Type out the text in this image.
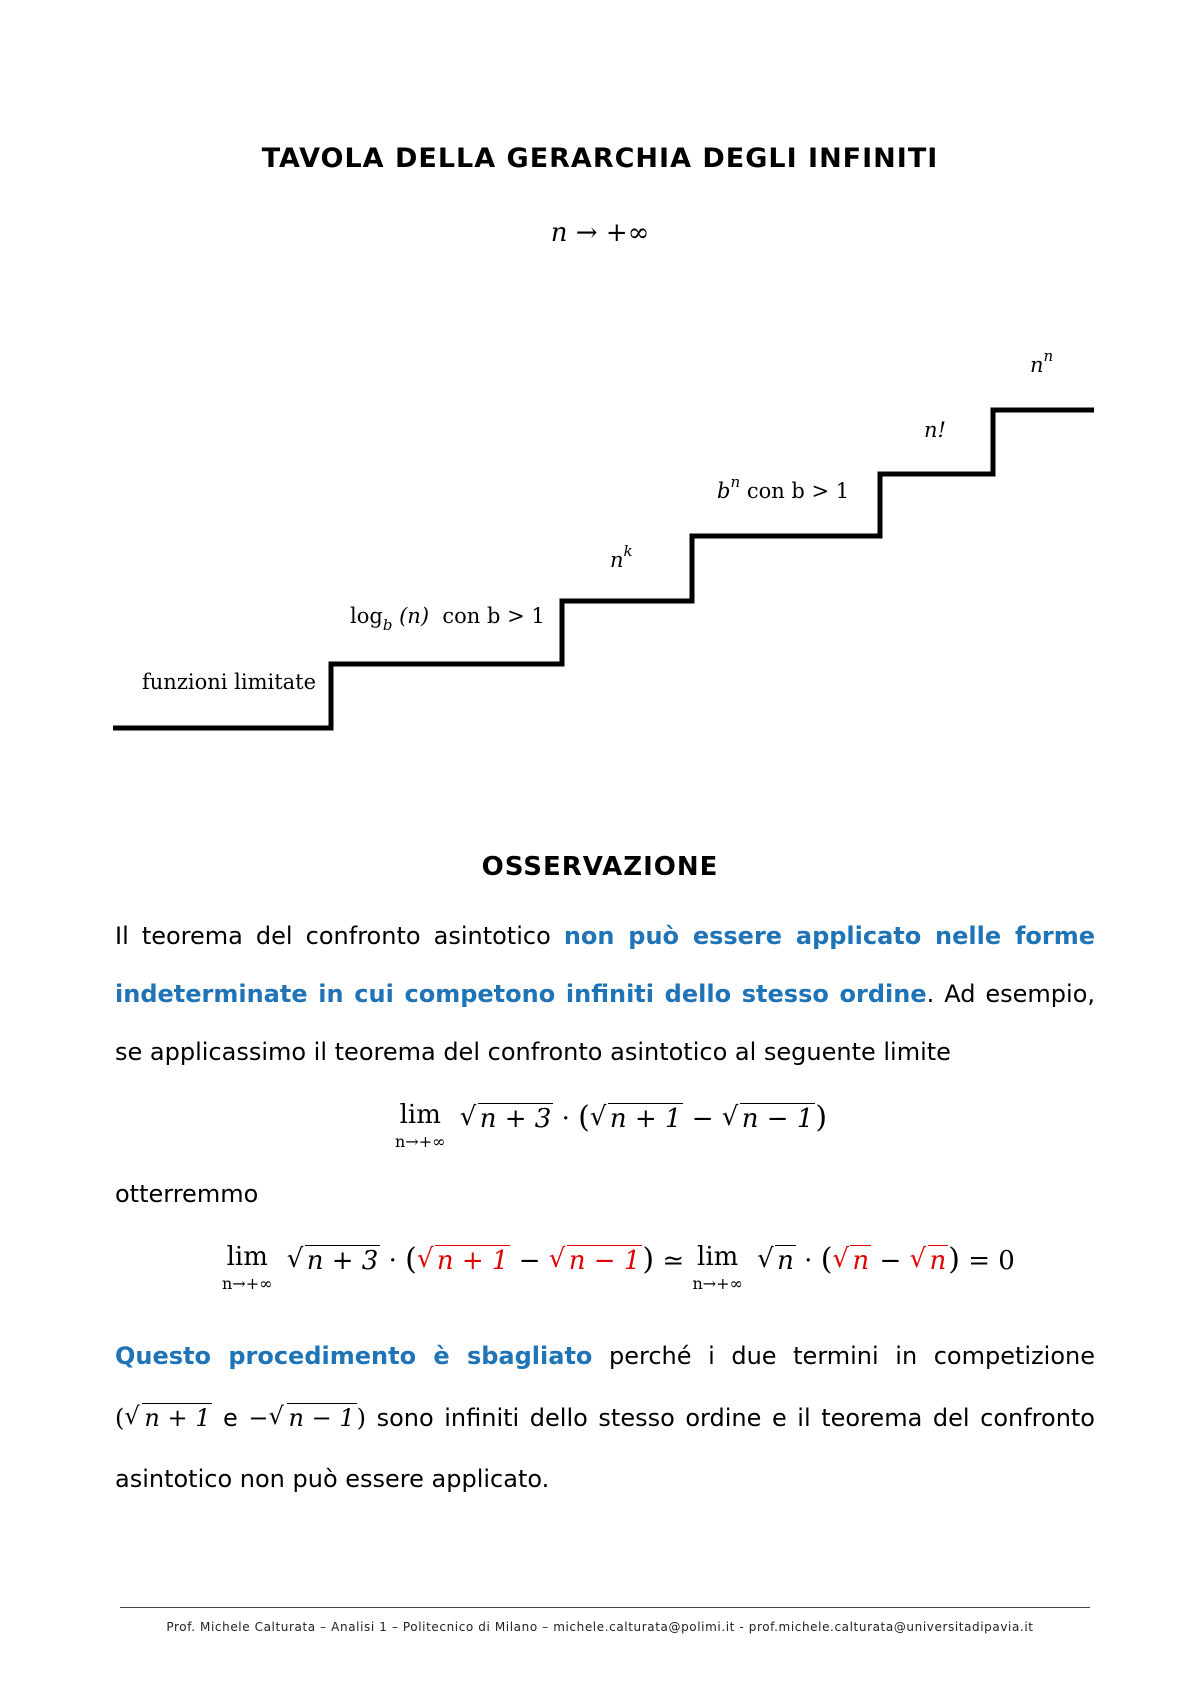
TAVOLA DELLA GERARCHIA DEGLI INFINITI
n → +∞
funzioni limitate
$\log_b (n)$ con b > 1
$n^k$
$b^n$ con b > 1
n!
$n^n$
OSSERVAZIONE
Il teorema del confronto asintotico non può essere applicato nelle forme
indeterminate in cui competono infiniti dello stesso ordine. Ad esempio,
se applicassimo il teorema del confronto asintotico al seguente limite
lim
n→+∞
√ n + 3 · ( √ n + 1 − √ n − 1)
otterremmo
lim
n→+∞
√ n + 3 · ( √ n + 1 − √ n − 1) ≃ lim
n→+∞
√ n · ( √ n − √ n) = 0
Questo procedimento è sbagliato perché i due termini in competizione
( √ n + 1 e − √ n − 1) sono infiniti dello stesso ordine e il teorema del confronto
asintotico non può essere applicato.
Prof. Michele Calturata – Analisi 1 – Politecnico di Milano – michele.calturata@polimi.it - prof.michele.calturata@universitadipavia.it
